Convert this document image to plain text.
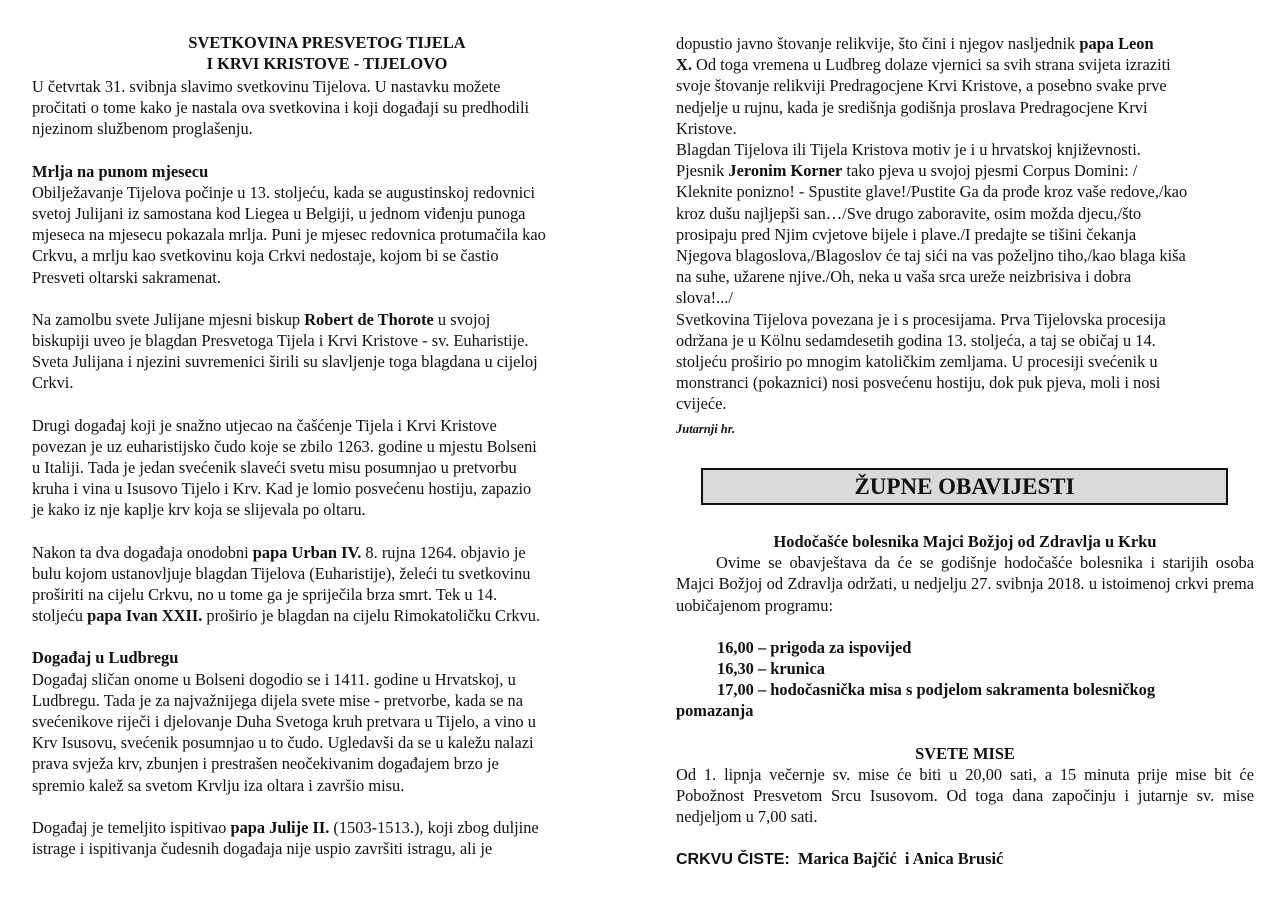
SVETKOVINA PRESVETOG TIJELA

I KRVI KRISTOVE - TIJELOVO

U četvrtak 31. svibnja slavimo svetkovinu Tijelova. U nastavku možete

pročitati o tome kako je nastala ova svetkovina i koji događaji su predhodili

njezinom službenom proglašenju.

Mrlja na punom mjesecu

Obilježavanje Tijelova počinje u 13. stoljeću, kada se augustinskoj redovnici

svetoj Julijani iz samostana kod Liegea u Belgiji, u jednom viđenju punoga

mjeseca na mjesecu pokazala mrlja. Puni je mjesec redovnica protumačila kao

Crkvu, a mrlju kao svetkovinu koja Crkvi nedostaje, kojom bi se častio

Presveti oltarski sakramenat.

Na zamolbu svete Julijane mjesni biskup Robert de Thorote u svojoj

biskupiji uveo je blagdan Presvetoga Tijela i Krvi Kristove - sv. Euharistije.

Sveta Julijana i njezini suvremenici širili su slavljenje toga blagdana u cijeloj

Crkvi.

Drugi događaj koji je snažno utjecao na čašćenje Tijela i Krvi Kristove

povezan je uz euharistijsko čudo koje se zbilo 1263. godine u mjestu Bolseni

u Italiji. Tada je jedan svećenik slaveći svetu misu posumnjao u pretvorbu

kruha i vina u Isusovo Tijelo i Krv. Kad je lomio posvećenu hostiju, zapazio

je kako iz nje kaplje krv koja se slijevala po oltaru.

Nakon ta dva događaja onodobni papa Urban IV. 8. rujna 1264. objavio je

bulu kojom ustanovljuje blagdan Tijelova (Euharistije), želeći tu svetkovinu

proširiti na cijelu Crkvu, no u tome ga je spriječila brza smrt. Tek u 14.

stoljeću papa Ivan XXII. proširio je blagdan na cijelu Rimokatoličku Crkvu.

Događaj u Ludbregu

Događaj sličan onome u Bolseni dogodio se i 1411. godine u Hrvatskoj, u

Ludbregu. Tada je za najvažnijega dijela svete mise - pretvorbe, kada se na

svećenikove riječi i djelovanje Duha Svetoga kruh pretvara u Tijelo, a vino u

Krv Isusovu, svećenik posumnjao u to čudo. Ugledavši da se u kaležu nalazi

prava svježa krv, zbunjen i prestrašen neočekivanim događajem brzo je

spremio kalež sa svetom Krvlju iza oltara i završio misu.

Događaj je temeljito ispitivao papa Julije II. (1503-1513.), koji zbog duljine

istrage i ispitivanja čudesnih događaja nije uspio završiti istragu, ali je

dopustio javno štovanje relikvije, što čini i njegov nasljednik papa Leon

X. Od toga vremena u Ludbreg dolaze vjernici sa svih strana svijeta izraziti

svoje štovanje relikviji Predragocjene Krvi Kristove, a posebno svake prve

nedjelje u rujnu, kada je središnja godišnja proslava Predragocjene Krvi

Kristove.

Blagdan Tijelova ili Tijela Kristova motiv je i u hrvatskoj književnosti.

Pjesnik Jeronim Korner tako pjeva u svojoj pjesmi Corpus Domini: /

Kleknite ponizno! - Spustite glave!/Pustite Ga da prođe kroz vaše redove,/kao

kroz dušu najljepši san…/Sve drugo zaboravite, osim možda djecu,/što

prosipaju pred Njim cvjetove bijele i plave./I predajte se tišini čekanja

Njegova blagoslova,/Blagoslov će taj sići na vas poželjno tiho,/kao blaga kiša

na suhe, užarene njive./Oh, neka u vaša srca ureže neizbrisiva i dobra

slova!.../

Svetkovina Tijelova povezana je i s procesijama. Prva Tijelovska procesija

održana je u Kölnu sedamdesetih godina 13. stoljeća, a taj se običaj u 14.

stoljeću proširio po mnogim katoličkim zemljama. U procesiji svećenik u

monstranci (pokaznici) nosi posvećenu hostiju, dok puk pjeva, moli i nosi

cvijeće.

Jutarnji hr.

ŽUPNE OBAVIJESTI

Hodočašće bolesnika Majci Božjoj od Zdravlja u Krku

Ovime se obavještava da će se godišnje hodočašće bolesnika i starijih osoba Majci Božjoj od Zdravlja održati, u nedjelju 27. svibnja 2018. u istoimenoj crkvi prema uobičajenom programu:

16,00 – prigoda za ispovijed

16,30 – krunica

17,00 – hodočasnička misa s podjelom sakramenta bolesničkog

pomazanja

SVETE MISE

Od 1. lipnja večernje sv. mise će biti u 20,00 sati, a 15 minuta prije mise bit će Pobožnost Presvetom Srcu Isusovom. Od toga dana započinju i jutarnje sv. mise nedjeljom u 7,00 sati.

CRKVU ČISTE: Marica Bajčić  i Anica Brusić
